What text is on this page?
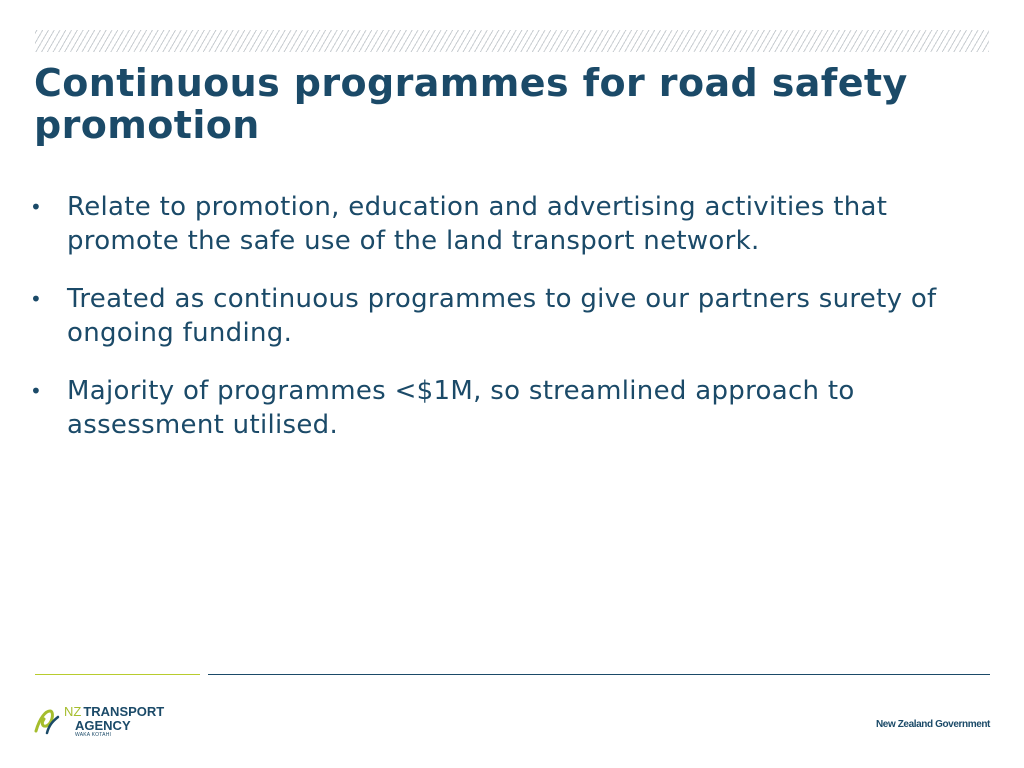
Continuous programmes for road safety promotion
• Relate to promotion, education and advertising activities that promote the safe use of the land transport network.
• Treated as continuous programmes to give our partners surety of ongoing funding.
• Majority of programmes <$1M, so streamlined approach to assessment utilised.
NZ TRANSPORT
AGENCY
WAKA KOTAHI
New Zealand Government
